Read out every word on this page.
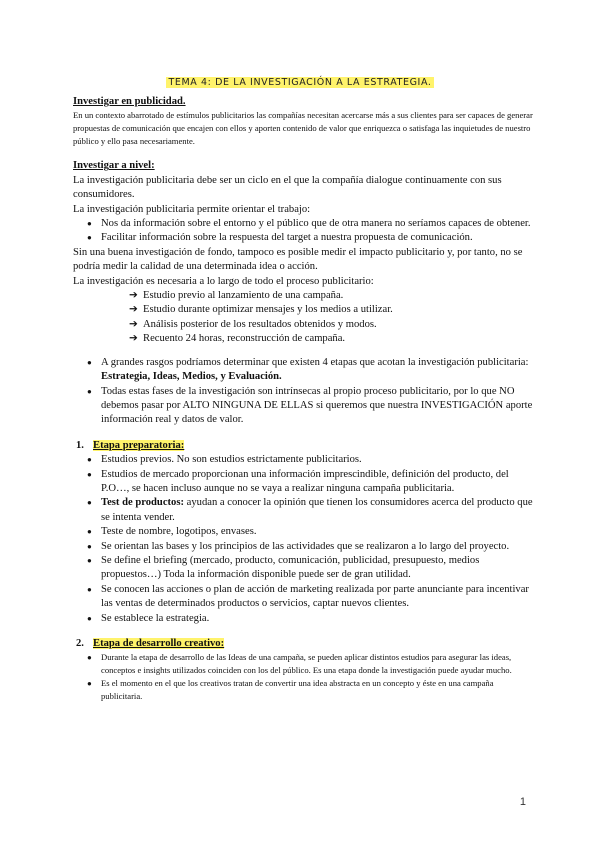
TEMA 4: DE LA INVESTIGACIÓN A LA ESTRATEGIA.

Investigar en publicidad.

En un contexto abarrotado de estímulos publicitarios las compañías necesitan acercarse más a sus clientes para ser capaces de generar propuestas de comunicación que encajen con ellos y aporten contenido de valor que enriquezca o satisfaga las inquietudes de nuestro público y ello pasa necesariamente.

Investigar a nivel:

La investigación publicitaria debe ser un ciclo en el que la compañía dialogue continuamente con sus consumidores.

La investigación publicitaria permite orientar el trabajo:

● Nos da información sobre el entorno y el público que de otra manera no seríamos capaces de obtener.
● Facilitar información sobre la respuesta del target a nuestra propuesta de comunicación.

Sin una buena investigación de fondo, tampoco es posible medir el impacto publicitario y, por tanto, no se podría medir la calidad de una determinada idea o acción.

La investigación es necesaria a lo largo de todo el proceso publicitario:

➔ Estudio previo al lanzamiento de una campaña.
➔ Estudio durante optimizar mensajes y los medios a utilizar.
➔ Análisis posterior de los resultados obtenidos y modos.
➔ Recuento 24 horas, reconstrucción de campaña.
● A grandes rasgos podríamos determinar que existen 4 etapas que acotan la investigación publicitaria: Estrategia, Ideas, Medios, y Evaluación.
● Todas estas fases de la investigación son intrínsecas al propio proceso publicitario, por lo que NO debemos pasar por ALTO NINGUNA DE ELLAS si queremos que nuestra INVESTIGACIÓN aporte información real y datos de valor.

1. Etapa preparatoria:

● Estudios previos. No son estudios estrictamente publicitarios.
● Estudios de mercado proporcionan una información imprescindible, definición del producto, del P.O…, se hacen incluso aunque no se vaya a realizar ninguna campaña publicitaria.
● Test de productos: ayudan a conocer la opinión que tienen los consumidores acerca del producto que se intenta vender.
● Teste de nombre, logotipos, envases.
● Se orientan las bases y los principios de las actividades que se realizaron a lo largo del proyecto.
● Se define el briefing (mercado, producto, comunicación, publicidad, presupuesto, medios propuestos…) Toda la información disponible puede ser de gran utilidad.
● Se conocen las acciones o plan de acción de marketing realizada por parte anunciante para incentivar las ventas de determinados productos o servicios, captar nuevos clientes.
● Se establece la estrategia.

2. Etapa de desarrollo creativo:

● Durante la etapa de desarrollo de las Ideas de una campaña, se pueden aplicar distintos estudios para asegurar las ideas, conceptos e insights utilizados coinciden con los del público. Es una etapa donde la investigación puede ayudar mucho.
● Es el momento en el que los creativos tratan de convertir una idea abstracta en un concepto y éste en una campaña publicitaria.
1
